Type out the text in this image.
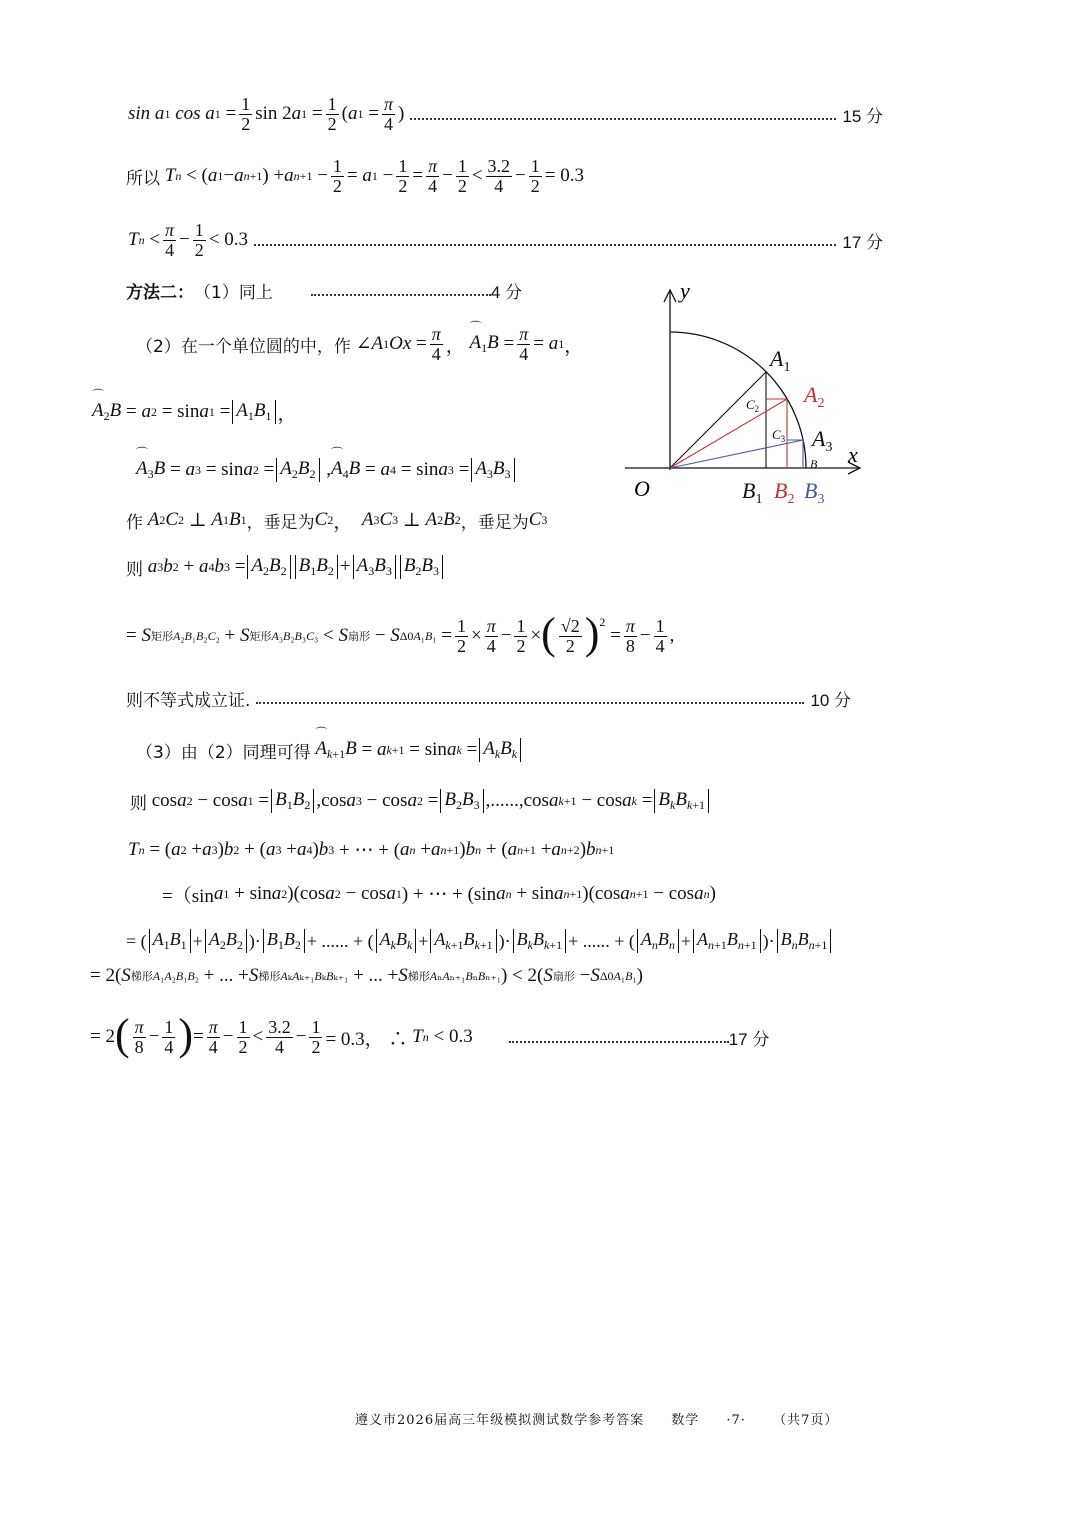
sin a 1 cos a $1 = \frac{1}{2}$ sin 2 a $1 = \frac{1}{2}$ ( a $1 = \frac{\pi}{4}$ )	15 分
所以 T n < ( a 1 − a n +1 ) + a $n +1 - \frac{1}{2} = a$ $1 - \frac{1}{2} = \frac{\pi}{4} - \frac{1}{2} < \frac{3.2}{4} - \frac{1}{2} = 0.3$
T $n < \frac{\pi}{4} - \frac{1}{2} < 0.3$	17 分
方法二： （1）同上	4 分
（2）在一个单位圆的中，作 ∠ A 1 $Ox = \frac{\pi}{4}$ ， ⌒ $A_1B = \frac{\pi}{4} = a$ 1 ，
⌒ $A_2B = a$ 2 = sin a $1 = A_1B_1$ ，
⌒ $A_3B = a$ 3 = sin a $2 = A_2B_2$ , ⌒ $A_4B = a$ 4 = sin a $3 = A_3B_3$
作
A 2 C 2 ⊥ A 1 B 1 ，垂足为 C 2 ， A 3 C 3 ⊥ A 2 B 2 ，垂足为 C 3
则
a 3 b 2 + a 4 b $3 = A_2B_2$ $B_1B_2 + A_3B_3$ $B_2B_3$
= S 矩形A₂B₁B₂C₂ + S 矩形A₃B₂B₃C₃ < S 扇形 − S $\Delta 0A_1B_1 = \frac{1}{2} \times \frac{\pi}{4} - \frac{1}{2}$ × ( $\frac{√2}{2} )^2$
= $\frac{\pi}{8} - \frac{1}{4}$ ,
则不等式成立证.	10 分
（3）由（2）同理可得
⌒ $A_{k+1}B = a$ k +1 = sin a $k = A_kB_k$
则 cos a 2 − cos a $1 = B_1B_2$ ,cos a 3 − cos a $2 = B_2B_3$ ,......,cos a k +1 − cos a $k = B_kB_{k+1}$
T n = ( a 2 + a 3 ) b 2 + ( a 3 + a 4 ) b 3 + ⋯ + ( a n + a n +1 ) b n + ( a n +1 + a n +2 ) b n +1
=（sin a 1 + sin a 2 )(cos a 2 − cos a 1 ) + ⋯ + (sin a n + sin a n +1 )(cos a n +1 − cos a n )
= ( $A_1B_1 + A_2B_2$ )· $B_1B_2$ + ...... + ( $A_kB_k + A_{k+1}B_{k+1}$ )· $B_kB_{k+1}$ + ...... + ( $A_nB_n + A_{n+1}B_{n+1}$ )· $B_nB_{n+1}$
= 2( S 梯形A₁A₂B₁B₂ + ... + S 梯形AₖAₖ₊₁BₖBₖ₊₁ + ... + S 梯形AₙAₙ₊₁BₙBₙ₊₁ ) < 2( S 扇形 − S Δ0A₁B₁ )
= 2 ( $\frac{\pi}{8} - \frac{1}{4}$ ) = $\frac{\pi}{4} - \frac{1}{2} < \frac{3.2}{4} - \frac{1}{2} = 0.3$， ∴ T n < 0.3	17 分
y
x
O
$A_1$
$A_2$
$A_3$
$C_2$
$C_3$
B
$B_1$ $B_2$ $B_3$
遵义市2026届高三年级模拟测试数学参考答案 数学 ·7· （共7页）
